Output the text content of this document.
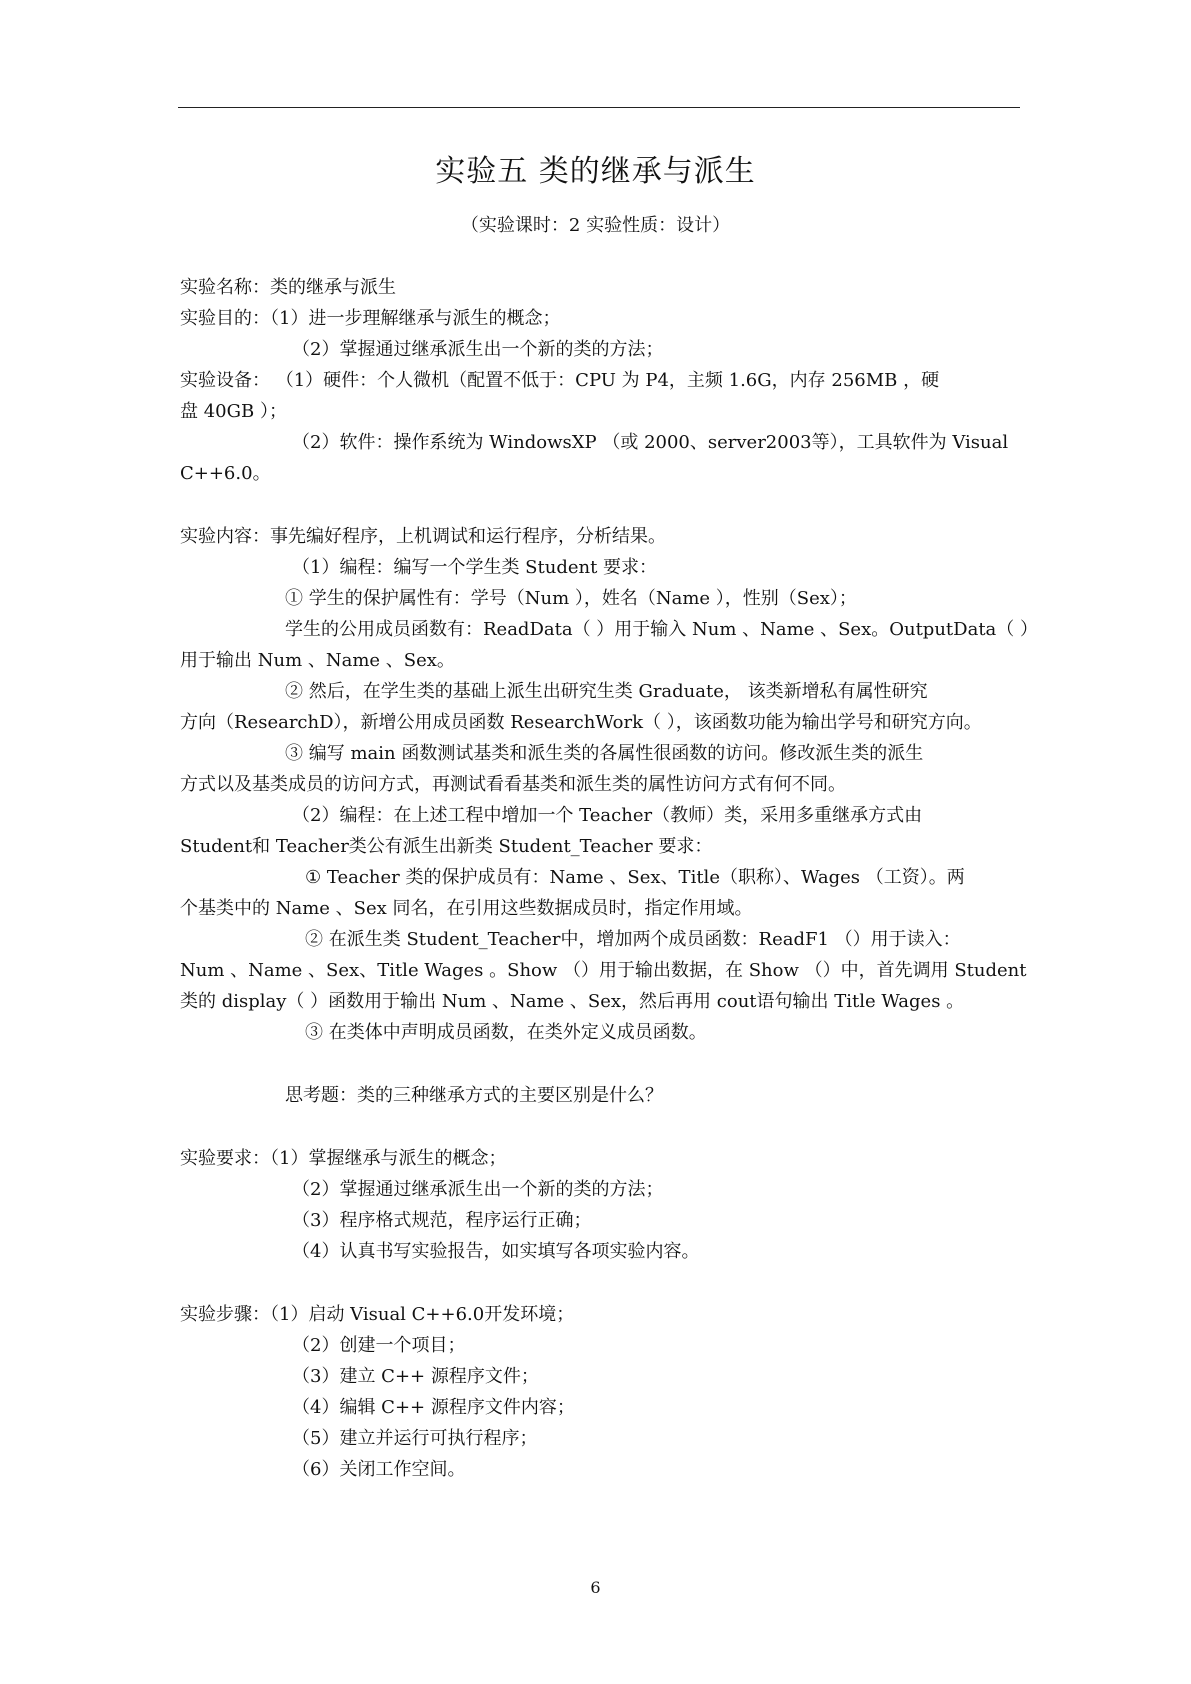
实验五 类的继承与派生
（实验课时：2 实验性质：设计）
实验名称：类的继承与派生
实验目的：（1）进一步理解继承与派生的概念；
（2）掌握通过继承派生出一个新的类的方法；
实验设备： （1）硬件：个人微机（配置不低于：CPU 为 P4，主频 1.6G，内存 256MB ，硬
盘 40GB ）；
（2）软件：操作系统为 WindowsXP （或 2000、server2003等），工具软件为 Visual
C++6.0。
实验内容：事先编好程序，上机调试和运行程序，分析结果。
（1）编程：编写一个学生类 Student 要求：
① 学生的保护属性有：学号（Num ），姓名（Name ），性别（Sex）；
学生的公用成员函数有：ReadData（ ）用于输入 Num 、Name 、Sex。OutputData（ ）
用于输出 Num 、Name 、Sex。
② 然后，在学生类的基础上派生出研究生类 Graduate， 该类新增私有属性研究
方向（ResearchD），新增公用成员函数 ResearchWork（ ），该函数功能为输出学号和研究方向。
③ 编写 main 函数测试基类和派生类的各属性很函数的访问。修改派生类的派生
方式以及基类成员的访问方式，再测试看看基类和派生类的属性访问方式有何不同。
（2）编程：在上述工程中增加一个 Teacher（教师）类，采用多重继承方式由
Student和 Teacher类公有派生出新类 Student_Teacher 要求：
① Teacher 类的保护成员有：Name 、Sex、Title（职称）、Wages （工资）。两
个基类中的 Name 、Sex 同名，在引用这些数据成员时，指定作用域。
② 在派生类 Student_Teacher中，增加两个成员函数：ReadF1 （）用于读入：
Num 、Name 、Sex、Title Wages 。Show （）用于输出数据，在 Show （）中，首先调用 Student
类的 display（ ）函数用于输出 Num 、Name 、Sex，然后再用 cout语句输出 Title Wages 。
③ 在类体中声明成员函数，在类外定义成员函数。
思考题：类的三种继承方式的主要区别是什么？
实验要求：（1）掌握继承与派生的概念；
（2）掌握通过继承派生出一个新的类的方法；
（3）程序格式规范，程序运行正确；
（4）认真书写实验报告，如实填写各项实验内容。
实验步骤：（1）启动 Visual C++6.0开发环境；
（2）创建一个项目；
（3）建立 C++ 源程序文件；
（4）编辑 C++ 源程序文件内容；
（5）建立并运行可执行程序；
（6）关闭工作空间。
6
